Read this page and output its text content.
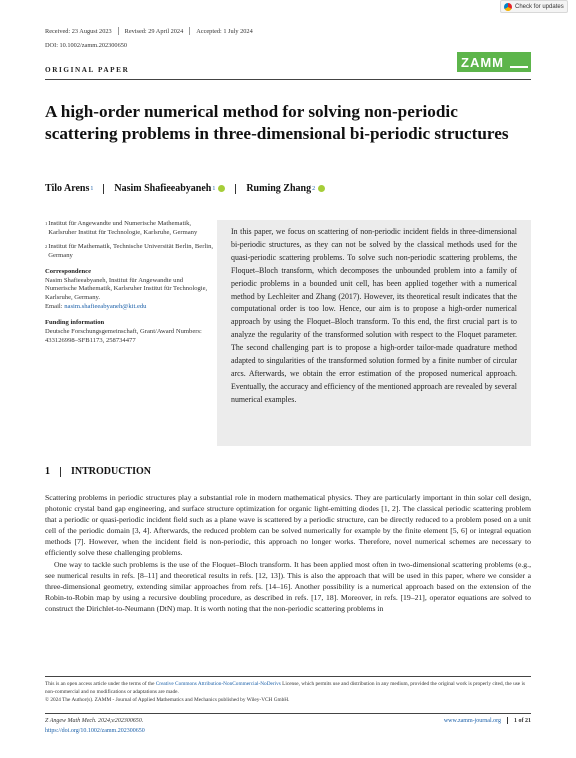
Check for updates
Received: 23 August 2023 Revised: 29 April 2024 Accepted: 1 July 2024
DOI: 10.1002/zamm.202300650
ORIGINAL PAPER
ZAMM
A high-order numerical method for solving non-periodic scattering problems in three-dimensional bi-periodic structures
Tilo Arens 1 Nasim Shafieeabyaneh 1	Ruming Zhang 2
1 Institut für Angewandte und Numerische Mathematik, Karlsruher Institut für Technologie, Karlsruhe, Germany
2 Institut für Mathematik, Technische Universität Berlin, Berlin, Germany
Correspondence
Nasim Shafieeabyaneh, Institut für Angewandte und Numerische Mathematik, Karlsruher Institut für Technologie, Karlsruhe, Germany.
Email: nasim.shafieeabyaneh@kit.edu
Funding information
Deutsche Forschungsgemeinschaft, Grant/Award Numbers: 433126998–SFB1173, 258734477
In this paper, we focus on scattering of non-periodic incident fields in three-dimensional bi-periodic structures, as they can not be solved by the classical methods used for the quasi-periodic scattering problems. To solve such non-periodic scattering problems, the Floquet–Bloch transform, which decomposes the unbounded problem into a family of periodic problems in a bounded unit cell, has been applied together with a numerical method by Lechleiter and Zhang (2017). However, its theoretical result indicates that the computational order is too low. Hence, our aim is to propose a high-order numerical approach by using the Floquet–Bloch transform. To this end, the first crucial part is to analyze the regularity of the transformed solution with respect to the Floquet parameter. The second challenging part is to propose a high-order tailor-made quadrature method adapted to singularities of the transformed solution formed by a finite number of circular arcs. Afterwards, we obtain the error estimation of the proposed numerical approach. Eventually, the accuracy and efficiency of the mentioned approach are revealed by several numerical examples.
1 INTRODUCTION

Scattering problems in periodic structures play a substantial role in modern mathematical physics. They are particularly important in thin solar cell design, photonic crystal band gap engineering, and surface structure optimization for organic light-emitting diodes [1, 2]. The classical periodic scattering problem that a periodic or quasi-periodic incident field such as a plane wave is scattered by a periodic structure, can be directly reduced to a problem posed on a unit cell of the periodic domain [3, 4]. Afterwards, the reduced problem can be solved numerically for example by the finite element [5, 6] or integral equation methods [7]. However, when the incident field is non-periodic, this approach no longer works. Therefore, novel numerical schemes are necessary to efficiently solve these challenging problems.

One way to tackle such problems is the use of the Floquet–Bloch transform. It has been applied most often in two-dimensional scattering problems (e.g., see numerical results in refs. [8–11] and theoretical results in refs. [12, 13]). This is also the approach that will be used in this paper, where we consider a three-dimensional geometry, extending similar approaches from refs. [14–16]. Another possibility is a numerical approach based on the extension of the Robin-to-Robin map by using a recursive doubling procedure, as described in refs. [17, 18]. Moreover, in refs. [19–21], operator equations are solved to construct the Dirichlet-to-Neumann (DtN) map. It is worth noting that the non-periodic scattering problems in

This is an open access article under the terms of the Creative Commons Attribution-NonCommercial-NoDerivs License, which permits use and distribution in any medium, provided the original work is properly cited, the use is non-commercial and no modifications or adaptations are made.
© 2024 The Author(s). ZAMM - Journal of Applied Mathematics and Mechanics published by Wiley-VCH GmbH.
Z Angew Math Mech. 2024;e202300650.
https://doi.org/10.1002/zamm.202300650
www.zamm-journal.org 1 of 21
